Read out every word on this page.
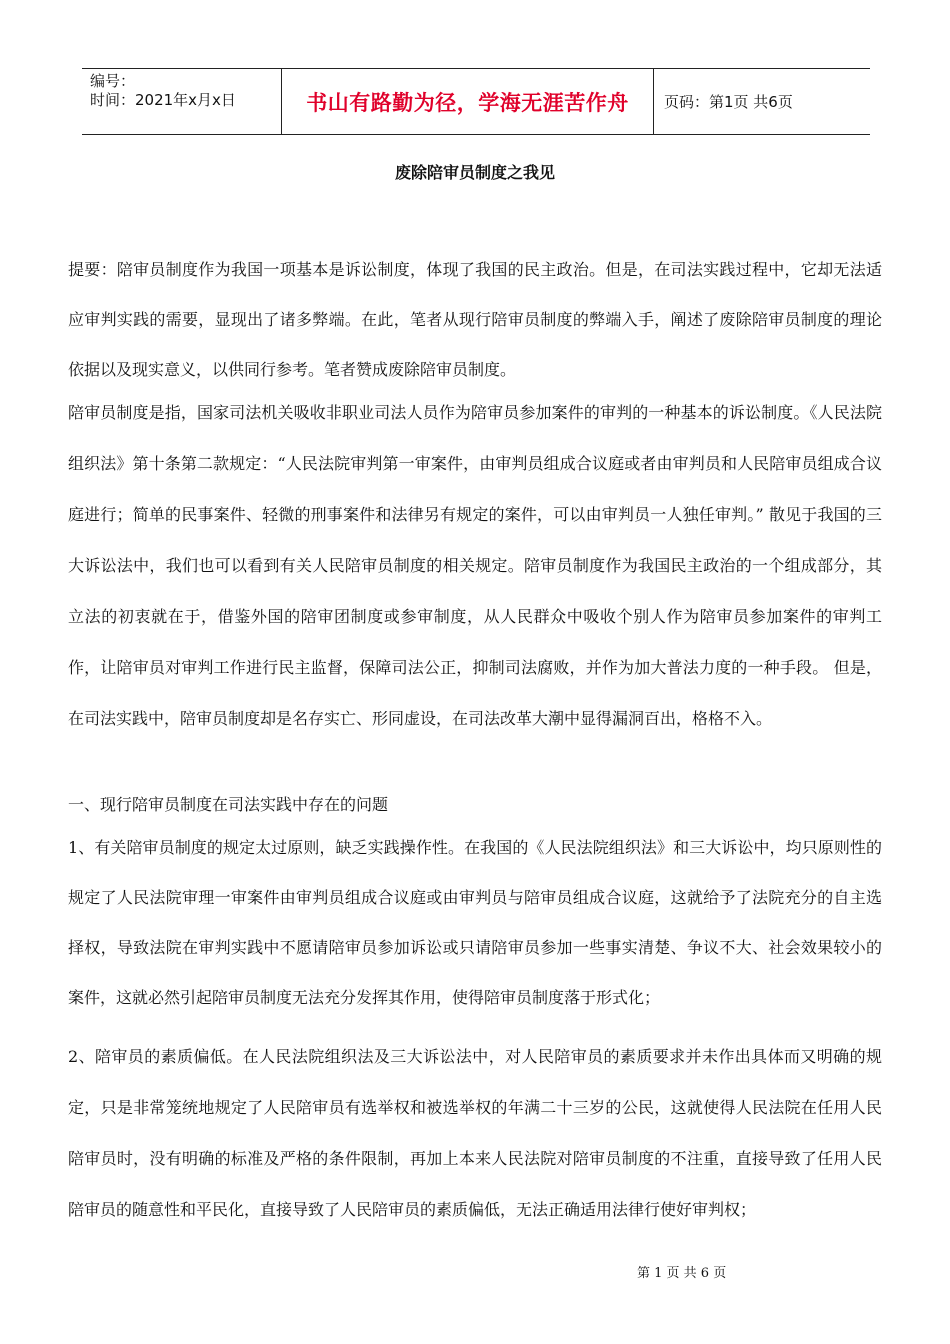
编号：
时间：2021年x月x日	书山有路勤为径，学海无涯苦作舟	页码：第1页 共6页
废除陪审员制度之我见

提要：陪审员制度作为我国一项基本是诉讼制度，体现了我国的民主政治。但是，在司法实践过程中，它却无法适应审判实践的需要，显现出了诸多弊端。在此，笔者从现行陪审员制度的弊端入手，阐述了废除陪审员制度的理论依据以及现实意义，以供同行参考。笔者赞成废除陪审员制度。

陪审员制度是指，国家司法机关吸收非职业司法人员作为陪审员参加案件的审判的一种基本的诉讼制度。《人民法院组织法》第十条第二款规定：“人民法院审判第一审案件，由审判员组成合议庭或者由审判员和人民陪审员组成合议庭进行；简单的民事案件、轻微的刑事案件和法律另有规定的案件，可以由审判员一人独任审判。” 散见于我国的三大诉讼法中，我们也可以看到有关人民陪审员制度的相关规定。陪审员制度作为我国民主政治的一个组成部分，其立法的初衷就在于，借鉴外国的陪审团制度或参审制度，从人民群众中吸收个别人作为陪审员参加案件的审判工作，让陪审员对审判工作进行民主监督，保障司法公正，抑制司法腐败，并作为加大普法力度的一种手段。 但是，在司法实践中，陪审员制度却是名存实亡、形同虚设，在司法改革大潮中显得漏洞百出，格格不入。

一、现行陪审员制度在司法实践中存在的问题

1、有关陪审员制度的规定太过原则，缺乏实践操作性。在我国的《人民法院组织法》和三大诉讼中，均只原则性的规定了人民法院审理一审案件由审判员组成合议庭或由审判员与陪审员组成合议庭，这就给予了法院充分的自主选择权，导致法院在审判实践中不愿请陪审员参加诉讼或只请陪审员参加一些事实清楚、争议不大、社会效果较小的案件，这就必然引起陪审员制度无法充分发挥其作用，使得陪审员制度落于形式化；

2、陪审员的素质偏低。在人民法院组织法及三大诉讼法中，对人民陪审员的素质要求并未作出具体而又明确的规定，只是非常笼统地规定了人民陪审员有选举权和被选举权的年满二十三岁的公民，这就使得人民法院在任用人民陪审员时，没有明确的标准及严格的条件限制，再加上本来人民法院对陪审员制度的不注重，直接导致了任用人民陪审员的随意性和平民化，直接导致了人民陪审员的素质偏低，无法正确适用法律行使好审判权；

第 1 页 共 6 页
